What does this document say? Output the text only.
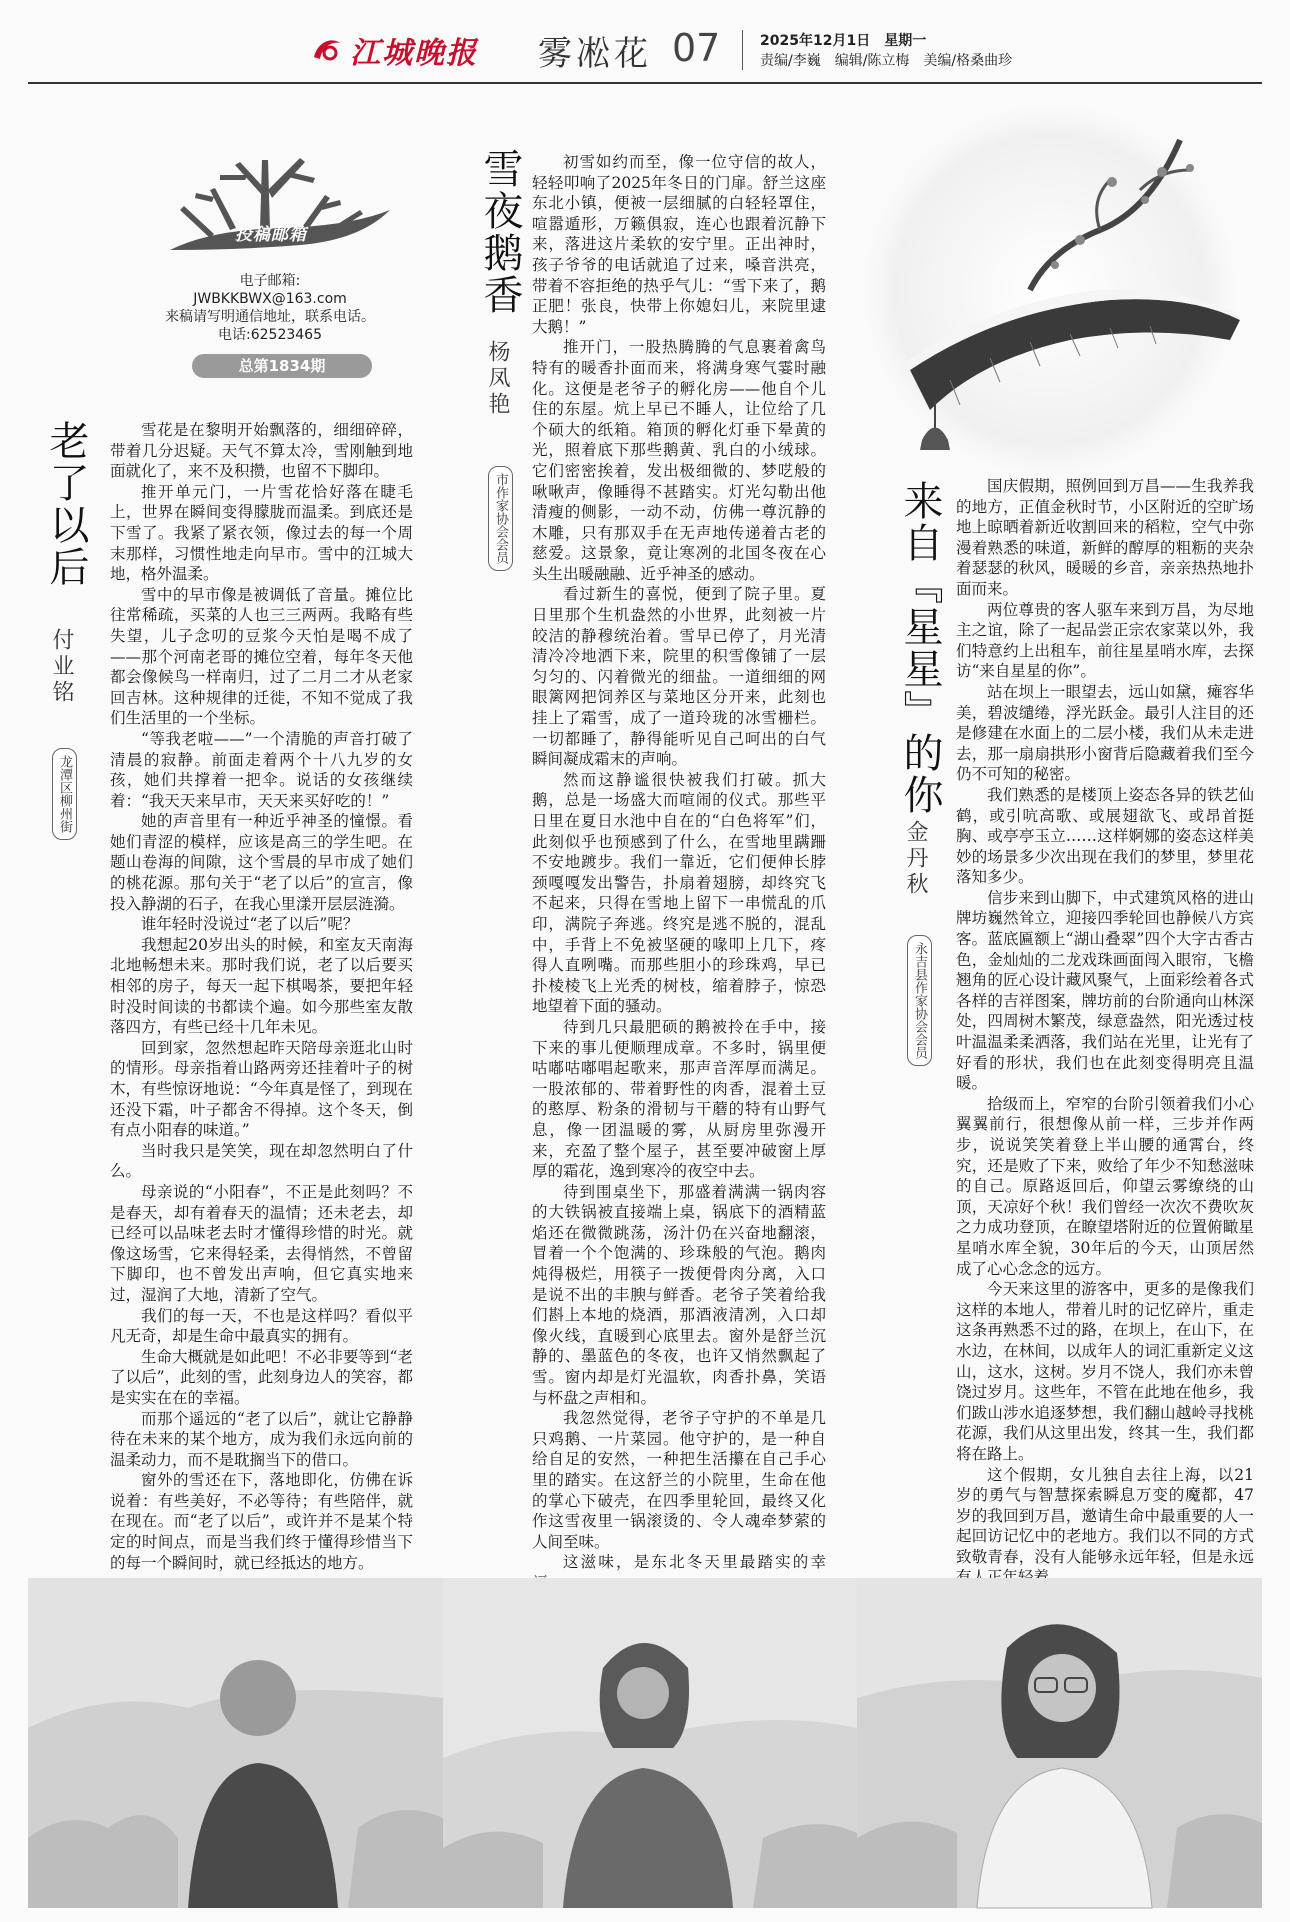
江城晚报 雾凇花 07	2025年12月1日　星期一
责编/李巍　编辑/陈立梅　美编/格桑曲珍
投稿邮箱
电子邮箱:
JWBKKBWX@163.com
来稿请写明通信地址，联系电话。
电话:62523465
总第1834期
老了以后
付业铭
龙潭区柳州街

雪花是在黎明开始飘落的，细细碎碎，带着几分迟疑。天气不算太冷，雪刚触到地面就化了，来不及积攒，也留不下脚印。

推开单元门，一片雪花恰好落在睫毛上，世界在瞬间变得朦胧而温柔。到底还是下雪了。我紧了紧衣领，像过去的每一个周末那样，习惯性地走向早市。雪中的江城大地，格外温柔。

雪中的早市像是被调低了音量。摊位比往常稀疏，买菜的人也三三两两。我略有些失望，儿子念叨的豆浆今天怕是喝不成了——那个河南老哥的摊位空着，每年冬天他都会像候鸟一样南归，过了二月二才从老家回吉林。这种规律的迁徙，不知不觉成了我们生活里的一个坐标。

“等我老啦——”一个清脆的声音打破了清晨的寂静。前面走着两个十八九岁的女孩，她们共撑着一把伞。说话的女孩继续着：“我天天来早市，天天来买好吃的！”

她的声音里有一种近乎神圣的憧憬。看她们青涩的模样，应该是高三的学生吧。在题山卷海的间隙，这个雪晨的早市成了她们的桃花源。那句关于“老了以后”的宣言，像投入静湖的石子，在我心里漾开层层涟漪。

谁年轻时没说过“老了以后”呢？

我想起20岁出头的时候，和室友天南海北地畅想未来。那时我们说，老了以后要买相邻的房子，每天一起下棋喝茶，要把年轻时没时间读的书都读个遍。如今那些室友散落四方，有些已经十几年未见。

回到家，忽然想起昨天陪母亲逛北山时的情形。母亲指着山路两旁还挂着叶子的树木，有些惊讶地说：“今年真是怪了，到现在还没下霜，叶子都舍不得掉。这个冬天，倒有点小阳春的味道。”

当时我只是笑笑，现在却忽然明白了什么。

母亲说的“小阳春”，不正是此刻吗？不是春天，却有着春天的温情；还未老去，却已经可以品味老去时才懂得珍惜的时光。就像这场雪，它来得轻柔，去得悄然，不曾留下脚印，也不曾发出声响，但它真实地来过，湿润了大地，清新了空气。

我们的每一天，不也是这样吗？看似平凡无奇，却是生命中最真实的拥有。

生命大概就是如此吧！不必非要等到“老了以后”，此刻的雪，此刻身边人的笑容，都是实实在在的幸福。

而那个遥远的“老了以后”，就让它静静待在未来的某个地方，成为我们永远向前的温柔动力，而不是耽搁当下的借口。

窗外的雪还在下，落地即化，仿佛在诉说着：有些美好，不必等待；有些陪伴，就在现在。而“老了以后”，或许并不是某个特定的时间点，而是当我们终于懂得珍惜当下的每一个瞬间时，就已经抵达的地方。

雪夜鹅香
杨凤艳
市作家协会会员

初雪如约而至，像一位守信的故人，轻轻叩响了2025年冬日的门扉。舒兰这座东北小镇，便被一层细腻的白轻轻罩住，喧嚣遁形，万籁俱寂，连心也跟着沉静下来，落进这片柔软的安宁里。正出神时，孩子爷爷的电话就追了过来，嗓音洪亮，带着不容拒绝的热乎气儿：“雪下来了，鹅正肥！张良，快带上你媳妇儿，来院里逮大鹅！”

推开门，一股热腾腾的气息裹着禽鸟特有的暖香扑面而来，将满身寒气霎时融化。这便是老爷子的孵化房——他自个儿住的东屋。炕上早已不睡人，让位给了几个硕大的纸箱。箱顶的孵化灯垂下晕黄的光，照着底下那些鹅黄、乳白的小绒球。它们密密挨着，发出极细微的、梦呓般的啾啾声，像睡得不甚踏实。灯光勾勒出他清瘦的侧影，一动不动，仿佛一尊沉静的木雕，只有那双手在无声地传递着古老的慈爱。这景象，竟让寒冽的北国冬夜在心头生出暖融融、近乎神圣的感动。

看过新生的喜悦，便到了院子里。夏日里那个生机盎然的小世界，此刻被一片皎洁的静穆统治着。雪早已停了，月光清清冷冷地洒下来，院里的积雪像铺了一层匀匀的、闪着微光的细盐。一道细细的网眼篱网把饲养区与菜地区分开来，此刻也挂上了霜雪，成了一道玲珑的冰雪栅栏。一切都睡了，静得能听见自己呵出的白气瞬间凝成霜末的声响。

然而这静谧很快被我们打破。抓大鹅，总是一场盛大而喧闹的仪式。那些平日里在夏日水池中自在的“白色将军”们，此刻似乎也预感到了什么，在雪地里蹒跚不安地踱步。我们一靠近，它们便伸长脖颈嘎嘎发出警告，扑扇着翅膀，却终究飞不起来，只得在雪地上留下一串慌乱的爪印，满院子奔逃。终究是逃不脱的，混乱中，手背上不免被坚硬的喙叩上几下，疼得人直咧嘴。而那些胆小的珍珠鸡，早已扑棱棱飞上光秃的树枝，缩着脖子，惊恐地望着下面的骚动。

待到几只最肥硕的鹅被拎在手中，接下来的事儿便顺理成章。不多时，锅里便咕嘟咕嘟唱起歌来，那声音浑厚而满足。一股浓郁的、带着野性的肉香，混着土豆的憨厚、粉条的滑韧与干蘑的特有山野气息，像一团温暖的雾，从厨房里弥漫开来，充盈了整个屋子，甚至要冲破窗上厚厚的霜花，逸到寒冷的夜空中去。

待到围桌坐下，那盛着满满一锅肉容的大铁锅被直接端上桌，锅底下的酒精蓝焰还在微微跳荡，汤汁仍在兴奋地翻滚，冒着一个个饱满的、珍珠般的气泡。鹅肉炖得极烂，用筷子一拨便骨肉分离，入口是说不出的丰腴与鲜香。老爷子笑着给我们斟上本地的烧酒，那酒液清冽，入口却像火线，直暖到心底里去。窗外是舒兰沉静的、墨蓝色的冬夜，也许又悄然飘起了雪。窗内却是灯光温软，肉香扑鼻，笑语与杯盘之声相和。

我忽然觉得，老爷子守护的不单是几只鸡鹅、一片菜园。他守护的，是一种自给自足的安然，一种把生活攥在自己手心里的踏实。在这舒兰的小院里，生命在他的掌心下破壳，在四季里轮回，最终又化作这雪夜里一锅滚烫的、令人魂牵梦萦的人间至味。

这滋味，是东北冬天里最踏实的幸

来自『星星』的你
金丹秋
永吉县作家协会会员

国庆假期，照例回到万昌——生我养我的地方，正值金秋时节，小区附近的空旷场地上晾晒着新近收割回来的稻粒，空气中弥漫着熟悉的味道，新鲜的醇厚的粗粝的夹杂着瑟瑟的秋风，暖暖的乡音，亲亲热热地扑面而来。

两位尊贵的客人驱车来到万昌，为尽地主之谊，除了一起品尝正宗农家菜以外，我们特意约上出租车，前往星星哨水库，去探访“来自星星的你”。

站在坝上一眼望去，远山如黛，瘫容华美，碧波缱绻，浮光跃金。最引人注目的还是修建在水面上的二层小楼，我们从未走进去，那一扇扇拱形小窗背后隐藏着我们至今仍不可知的秘密。

我们熟悉的是楼顶上姿态各异的铁艺仙鹤，或引吭高歌、或展翅欲飞、或昂首挺胸、或亭亭玉立……这样婀娜的姿态这样美妙的场景多少次出现在我们的梦里，梦里花落知多少。

信步来到山脚下，中式建筑风格的进山牌坊巍然耸立，迎接四季轮回也静候八方宾客。蓝底匾额上“湖山叠翠”四个大字古香古色，金灿灿的二龙戏珠画面闯入眼帘，飞檐翘角的匠心设计藏风聚气，上面彩绘着各式各样的吉祥图案，牌坊前的台阶通向山林深处，四周树木繁茂，绿意盎然，阳光透过枝叶温温柔柔洒落，我们站在光里，让光有了好看的形状，我们也在此刻变得明亮且温暖。

拾级而上，窄窄的台阶引领着我们小心翼翼前行，很想像从前一样，三步并作两步，说说笑笑着登上半山腰的通霄台，终究，还是败了下来，败给了年少不知愁滋味的自己。原路返回后，仰望云雾缭绕的山顶，天凉好个秋！我们曾经一次次不费吹灰之力成功登顶，在瞭望塔附近的位置俯瞰星星哨水库全貌，30年后的今天，山顶居然成了心心念念的远方。

今天来这里的游客中，更多的是像我们这样的本地人，带着儿时的记忆碎片，重走这条再熟悉不过的路，在坝上，在山下，在水边，在林间，以成年人的词汇重新定义这山，这水，这树。岁月不饶人，我们亦未曾饶过岁月。这些年，不管在此地在他乡，我们跋山涉水追逐梦想，我们翻山越岭寻找桃花源，我们从这里出发，终其一生，我们都将在路上。

这个假期，女儿独自去往上海，以21岁的勇气与智慧探索瞬息万变的魔都，47岁的我回到万昌，邀请生命中最重要的人一起回访记忆中的老地方。我们以不同的方式致敬青春，没有人能够永远年轻，但是永远
